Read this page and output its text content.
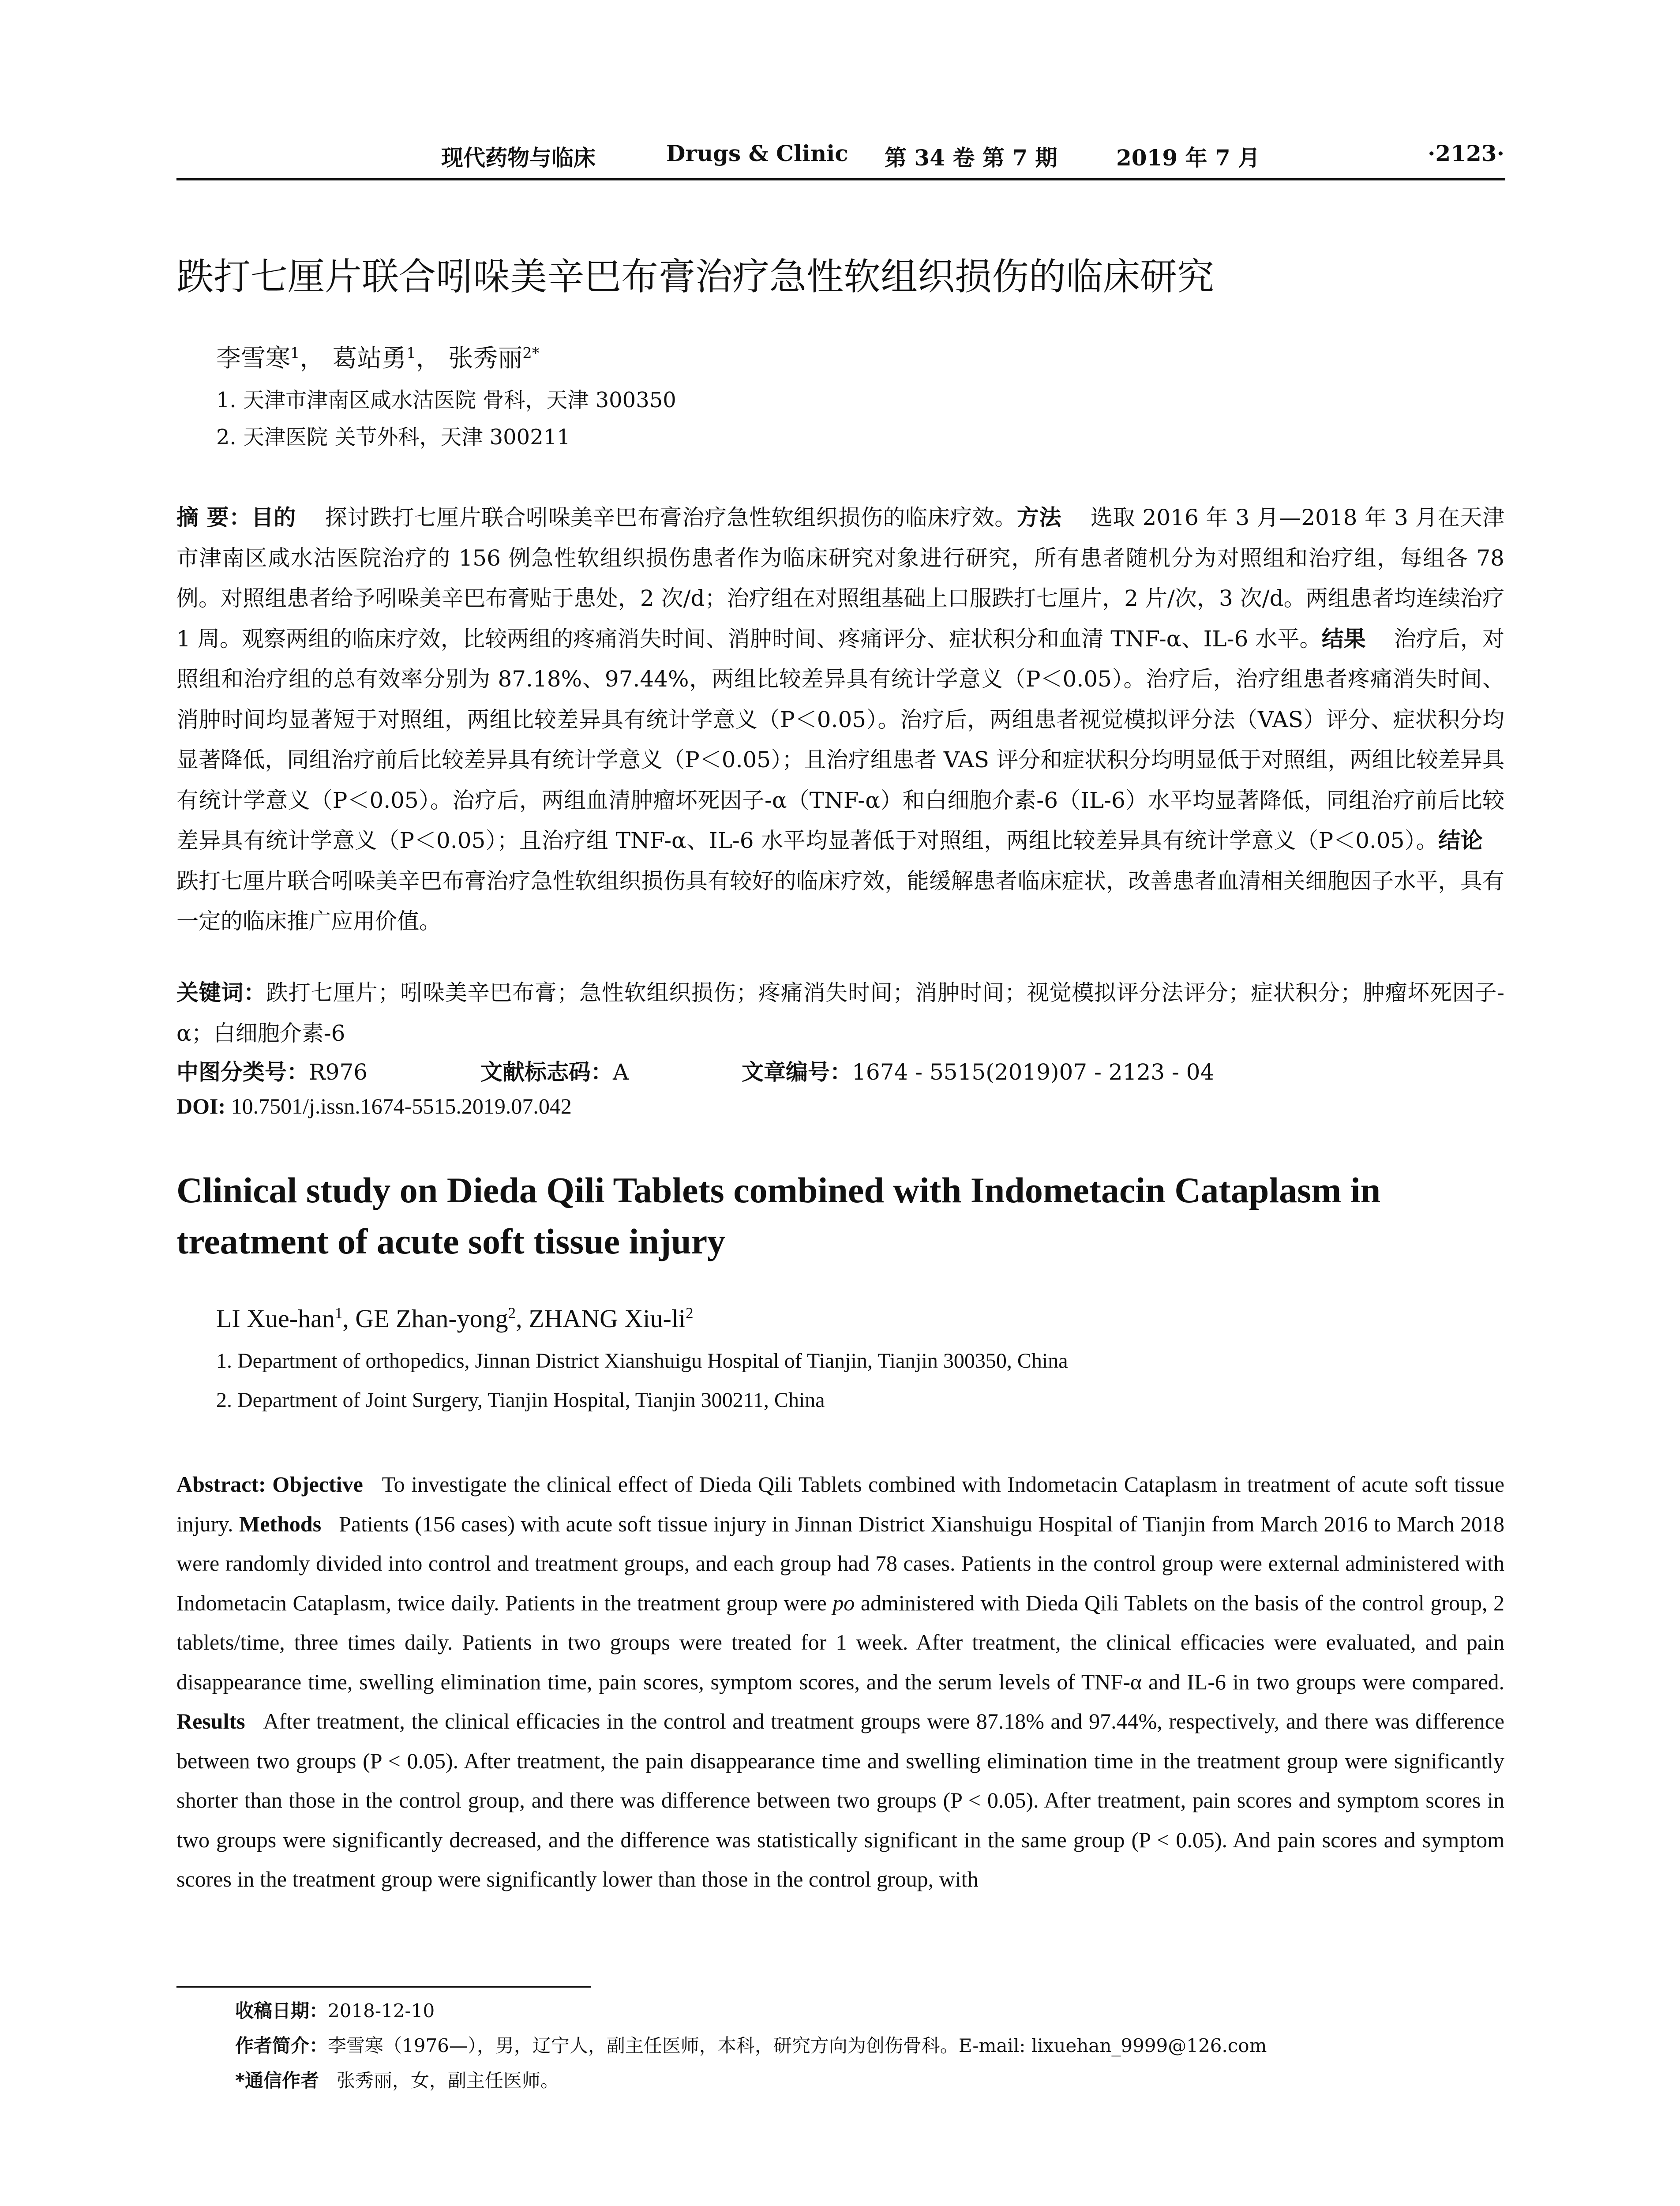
现代药物与临床	Drugs & Clinic 第 34 卷 第 7 期	2019 年 7 月	·2123·
跌打七厘片联合吲哚美辛巴布膏治疗急性软组织损伤的临床研究
李雪寒$^1$， 葛站勇$^1$， 张秀丽$^{2*}$
1. 天津市津南区咸水沽医院 骨科，天津 300350
2. 天津医院 关节外科，天津 300211
摘 要：目的 探讨跌打七厘片联合吲哚美辛巴布膏治疗急性软组织损伤的临床疗效。方法 选取 2016 年 3 月—2018 年 3 月在天津市津南区咸水沽医院治疗的 156 例急性软组织损伤患者作为临床研究对象进行研究，所有患者随机分为对照组和治疗组，每组各 78 例。对照组患者给予吲哚美辛巴布膏贴于患处，2 次/d；治疗组在对照组基础上口服跌打七厘片，2 片/次，3 次/d。两组患者均连续治疗 1 周。观察两组的临床疗效，比较两组的疼痛消失时间、消肿时间、疼痛评分、症状积分和血清 TNF-α、IL-6 水平。结果 治疗后，对照组和治疗组的总有效率分别为 87.18%、97.44%，两组比较差异具有统计学意义（P＜0.05）。治疗后，治疗组患者疼痛消失时间、消肿时间均显著短于对照组，两组比较差异具有统计学意义（P＜0.05）。治疗后，两组患者视觉模拟评分法（VAS）评分、症状积分均显著降低，同组治疗前后比较差异具有统计学意义（P＜0.05）；且治疗组患者 VAS 评分和症状积分均明显低于对照组，两组比较差异具有统计学意义（P＜0.05）。治疗后，两组血清肿瘤坏死因子-α（TNF-α）和白细胞介素-6（IL-6）水平均显著降低，同组治疗前后比较差异具有统计学意义（P＜0.05）；且治疗组 TNF-α、IL-6 水平均显著低于对照组，两组比较差异具有统计学意义（P＜0.05）。结论    跌打七厘片联合吲哚美辛巴布膏治疗急性软组织损伤具有较好的临床疗效，能缓解患者临床症状，改善患者血清相关细胞因子水平，具有一定的临床推广应用价值。
关键词：跌打七厘片；吲哚美辛巴布膏；急性软组织损伤；疼痛消失时间；消肿时间；视觉模拟评分法评分；症状积分；肿瘤坏死因子-α；白细胞介素-6
中图分类号：R976	文献标志码：A	文章编号：1674 - 5515(2019)07 - 2123 - 04
DOI: 10.7501/j.issn.1674-5515.2019.07.042
Clinical study on Dieda Qili Tablets combined with Indometacin Cataplasm in treatment of acute soft tissue injury
LI Xue-han$^1$, GE Zhan-yong$^2$, ZHANG Xiu-$li^2$
1. Department of orthopedics, Jinnan District Xianshuigu Hospital of Tianjin, Tianjin 300350, China
2. Department of Joint Surgery, Tianjin Hospital, Tianjin 300211, China
Abstract: Objective To investigate the clinical effect of Dieda Qili Tablets combined with Indometacin Cataplasm in treatment of acute soft tissue injury. Methods Patients (156 cases) with acute soft tissue injury in Jinnan District Xianshuigu Hospital of Tianjin from March 2016 to March 2018 were randomly divided into control and treatment groups, and each group had 78 cases. Patients in the control group were external administered with Indometacin Cataplasm, twice daily. Patients in the treatment group were po administered with Dieda Qili Tablets on the basis of the control group, 2 tablets/time, three times daily. Patients in two groups were treated for 1 week. After treatment, the clinical efficacies were evaluated, and pain disappearance time, swelling elimination time, pain scores, symptom scores, and the serum levels of TNF-α and IL-6 in two groups were compared. Results After treatment, the clinical efficacies in the control and treatment groups were 87.18% and 97.44%, respectively, and there was difference between two groups (P < 0.05). After treatment, the pain disappearance time and swelling elimination time in the treatment group were significantly shorter than those in the control group, and there was difference between two groups (P < 0.05). After treatment, pain scores and symptom scores in two groups were significantly decreased, and the difference was statistically significant in the same group (P < 0.05). And pain scores and symptom scores in the treatment group were significantly lower than those in the control group, with
收稿日期：2018-12-10
作者简介：李雪寒（1976—），男，辽宁人，副主任医师，本科，研究方向为创伤骨科。E-mail: lixuehan_9999@126.com
*通信作者 张秀丽，女，副主任医师。
